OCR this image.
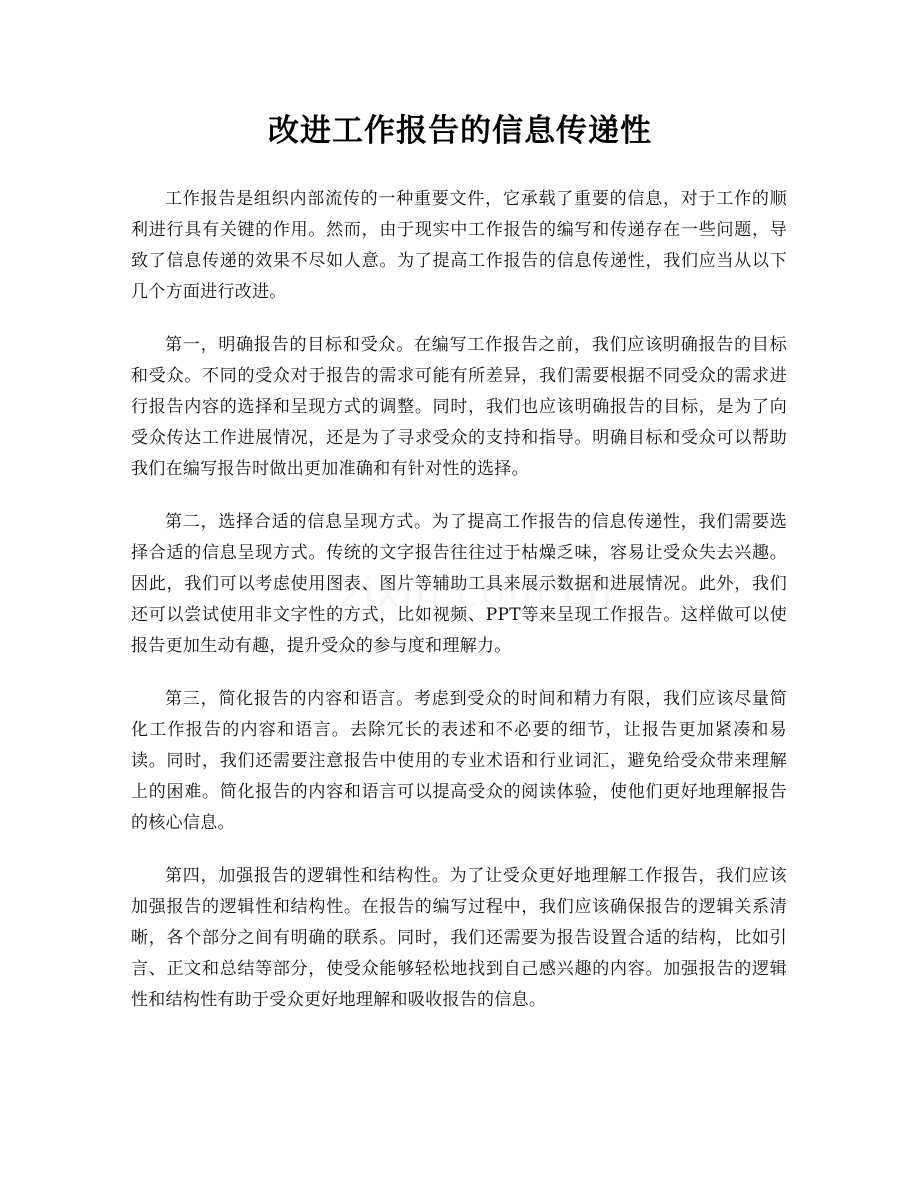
改进工作报告的信息传递性

工作报告是组织内部流传的一种重要文件，它承载了重要的信息，对于工作的顺利进行具有关键的作用。然而，由于现实中工作报告的编写和传递存在一些问题，导致了信息传递的效果不尽如人意。为了提高工作报告的信息传递性，我们应当从以下几个方面进行改进。

第一，明确报告的目标和受众。在编写工作报告之前，我们应该明确报告的目标和受众。不同的受众对于报告的需求可能有所差异，我们需要根据不同受众的需求进行报告内容的选择和呈现方式的调整。同时，我们也应该明确报告的目标，是为了向受众传达工作进展情况，还是为了寻求受众的支持和指导。明确目标和受众可以帮助我们在编写报告时做出更加准确和有针对性的选择。

第二，选择合适的信息呈现方式。为了提高工作报告的信息传递性，我们需要选择合适的信息呈现方式。传统的文字报告往往过于枯燥乏味，容易让受众失去兴趣。因此，我们可以考虑使用图表、图片等辅助工具来展示数据和进展情况。此外，我们还可以尝试使用非文字性的方式，比如视频、PPT等来呈现工作报告。这样做可以使报告更加生动有趣，提升受众的参与度和理解力。

第三，简化报告的内容和语言。考虑到受众的时间和精力有限，我们应该尽量简化工作报告的内容和语言。去除冗长的表述和不必要的细节，让报告更加紧凑和易读。同时，我们还需要注意报告中使用的专业术语和行业词汇，避免给受众带来理解上的困难。简化报告的内容和语言可以提高受众的阅读体验，使他们更好地理解报告的核心信息。

第四，加强报告的逻辑性和结构性。为了让受众更好地理解工作报告，我们应该加强报告的逻辑性和结构性。在报告的编写过程中，我们应该确保报告的逻辑关系清晰，各个部分之间有明确的联系。同时，我们还需要为报告设置合适的结构，比如引言、正文和总结等部分，使受众能够轻松地找到自己感兴趣的内容。加强报告的逻辑性和结构性有助于受众更好地理解和吸收报告的信息。
